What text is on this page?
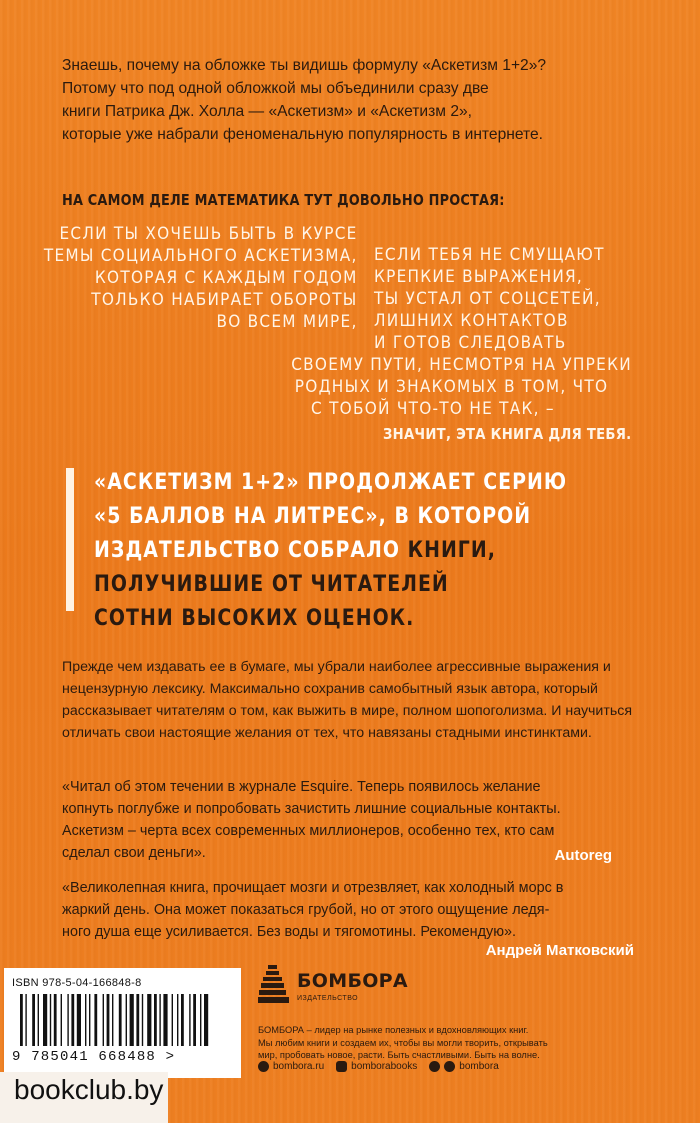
Знаешь, почему на обложке ты видишь формулу «Аскетизм 1+2»?
Потому что под одной обложкой мы объединили сразу две
книги Патрика Дж. Холла — «Аскетизм» и «Аскетизм 2»,
которые уже набрали феноменальную популярность в интернете.
НА САМОМ ДЕЛЕ МАТЕМАТИКА ТУТ ДОВОЛЬНО ПРОСТАЯ:
ЕСЛИ ТЫ ХОЧЕШЬ БЫТЬ В КУРСЕ
ТЕМЫ СОЦИАЛЬНОГО АСКЕТИЗМА,
КОТОРАЯ С КАЖДЫМ ГОДОМ
ТОЛЬКО НАБИРАЕТ ОБОРОТЫ
ВО ВСЕМ МИРЕ,
ЕСЛИ ТЕБЯ НЕ СМУЩАЮТ
КРЕПКИЕ ВЫРАЖЕНИЯ,
ТЫ УСТАЛ ОТ СОЦСЕТЕЙ,
ЛИШНИХ КОНТАКТОВ
И ГОТОВ СЛЕДОВАТЬ
СВОЕМУ ПУТИ, НЕСМОТРЯ НА УПРЕКИ
РОДНЫХ И ЗНАКОМЫХ В ТОМ, ЧТО
С ТОБОЙ ЧТО-ТО НЕ ТАК, –
ЗНАЧИТ, ЭТА КНИГА ДЛЯ ТЕБЯ.
«АСКЕТИЗМ 1+2» ПРОДОЛЖАЕТ СЕРИЮ
«5 БАЛЛОВ НА ЛИТРЕС», В КОТОРОЙ
ИЗДАТЕЛЬСТВО СОБРАЛО КНИГИ,
ПОЛУЧИВШИЕ ОТ ЧИТАТЕЛЕЙ
СОТНИ ВЫСОКИХ ОЦЕНОК.
Прежде чем издавать ее в бумаге, мы убрали наиболее агрессивные выражения и
нецензурную лексику. Максимально сохранив самобытный язык автора, который
рассказывает читателям о том, как выжить в мире, полном шопоголизма. И научиться
отличать свои настоящие желания от тех, что навязаны стадными инстинктами.
«Читал об этом течении в журнале Esquire. Теперь появилось желание
копнуть поглубже и попробовать зачистить лишние социальные контакты.
Аскетизм – черта всех современных миллионеров, особенно тех, кто сам
сделал свои деньги».	Autoreg
«Великолепная книга, прочищает мозги и отрезвляет, как холодный морс в
жаркий день. Она может показаться грубой, но от этого ощущение ледя-
ного душа еще усиливается. Без воды и тягомотины. Рекомендую».
Андрей Матковский
ISBN 978-5-04-166848-8
9 785041 668488 >
БОМБОРА
ИЗДАТЕЛЬСТВО
БОМБОРА – лидер на рынке полезных и вдохновляющих книг.
Мы любим книги и создаем их, чтобы вы могли творить, открывать
мир, пробовать новое, расти. Быть счастливыми. Быть на волне.
bombora.ru	bomborabooks	bombora
bookclub.by
